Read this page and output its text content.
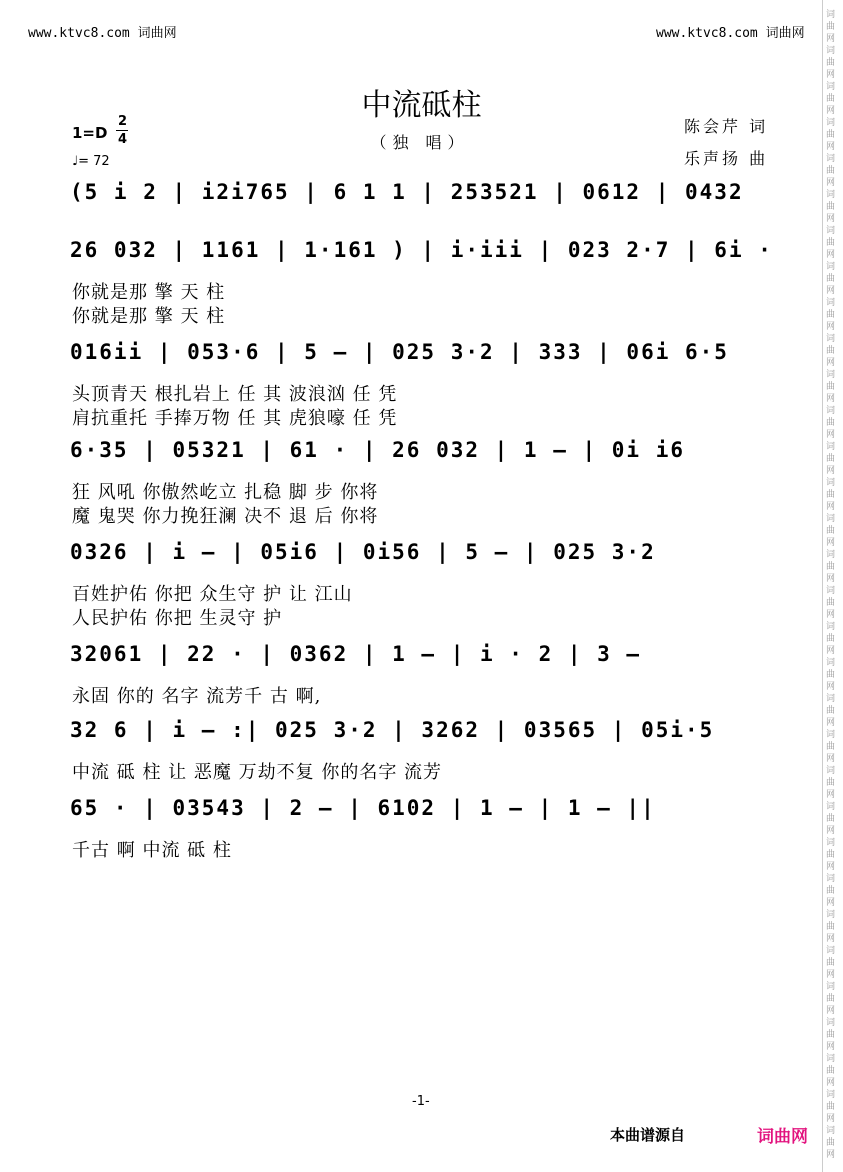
www.ktvc8.com 词曲网	www.ktvc8.com 词曲网
词
曲
网
词
曲
网
词
曲
网
词
曲
网
词
曲
网
词
曲
网
词
曲
网
词
曲
网
词
曲
网
词
曲
网
词
曲
网
词
曲
网
词
曲
网
词
曲
网
词
曲
网
词
曲
网
词
曲
网
词
曲
网
词
曲
网
词
曲
网
词
曲
网
词
曲
网
词
曲
网
词
曲
网
词
曲
网
词
曲
网
词
曲
网
词
曲
网
词
曲
网
词
曲
网
词
曲
网
词
曲
网
中流砥柱
（独 唱）
1=D
2
4
♩= 72
陈会芹 词
乐声扬 曲
(5 i 2 | i2i765 | 6 1 1 | 253521 | 0612 | 0432
26 032 | 1161 | 1·161 ) | i·iii | 023 2·7 | 6i ·
你就是那 擎 天 柱
你就是那 擎 天 柱
016ii | 053·6 | 5 – | 025 3·2 | 333 | 06i 6·5
头顶青天 根扎岩上 任 其 波浪汹 任 凭
肩抗重托 手捧万物 任 其 虎狼嚎 任 凭
6·35 | 05321 | 61 · | 26 032 | 1 – | 0i i6
狂 风吼 你傲然屹立 扎稳 脚 步 你将
魔 鬼哭 你力挽狂澜 决不 退 后 你将
0326 | i – | 05i6 | 0i56 | 5 – | 025 3·2
百姓护佑 你把 众生守 护 让 江山
人民护佑 你把 生灵守 护
32061 | 22 · | 0362 | 1 – | i · 2 | 3 –
永固 你的 名字 流芳千 古 啊,
32 6 | i – :| 025 3·2 | 3262 | 03565 | 05i·5
中流 砥 柱 让 恶魔 万劫不复 你的名字 流芳
65 · | 03543 | 2 – | 6102 | 1 – | 1 – ||
千古 啊 中流 砥 柱
-1-
本曲谱源自	词曲网
